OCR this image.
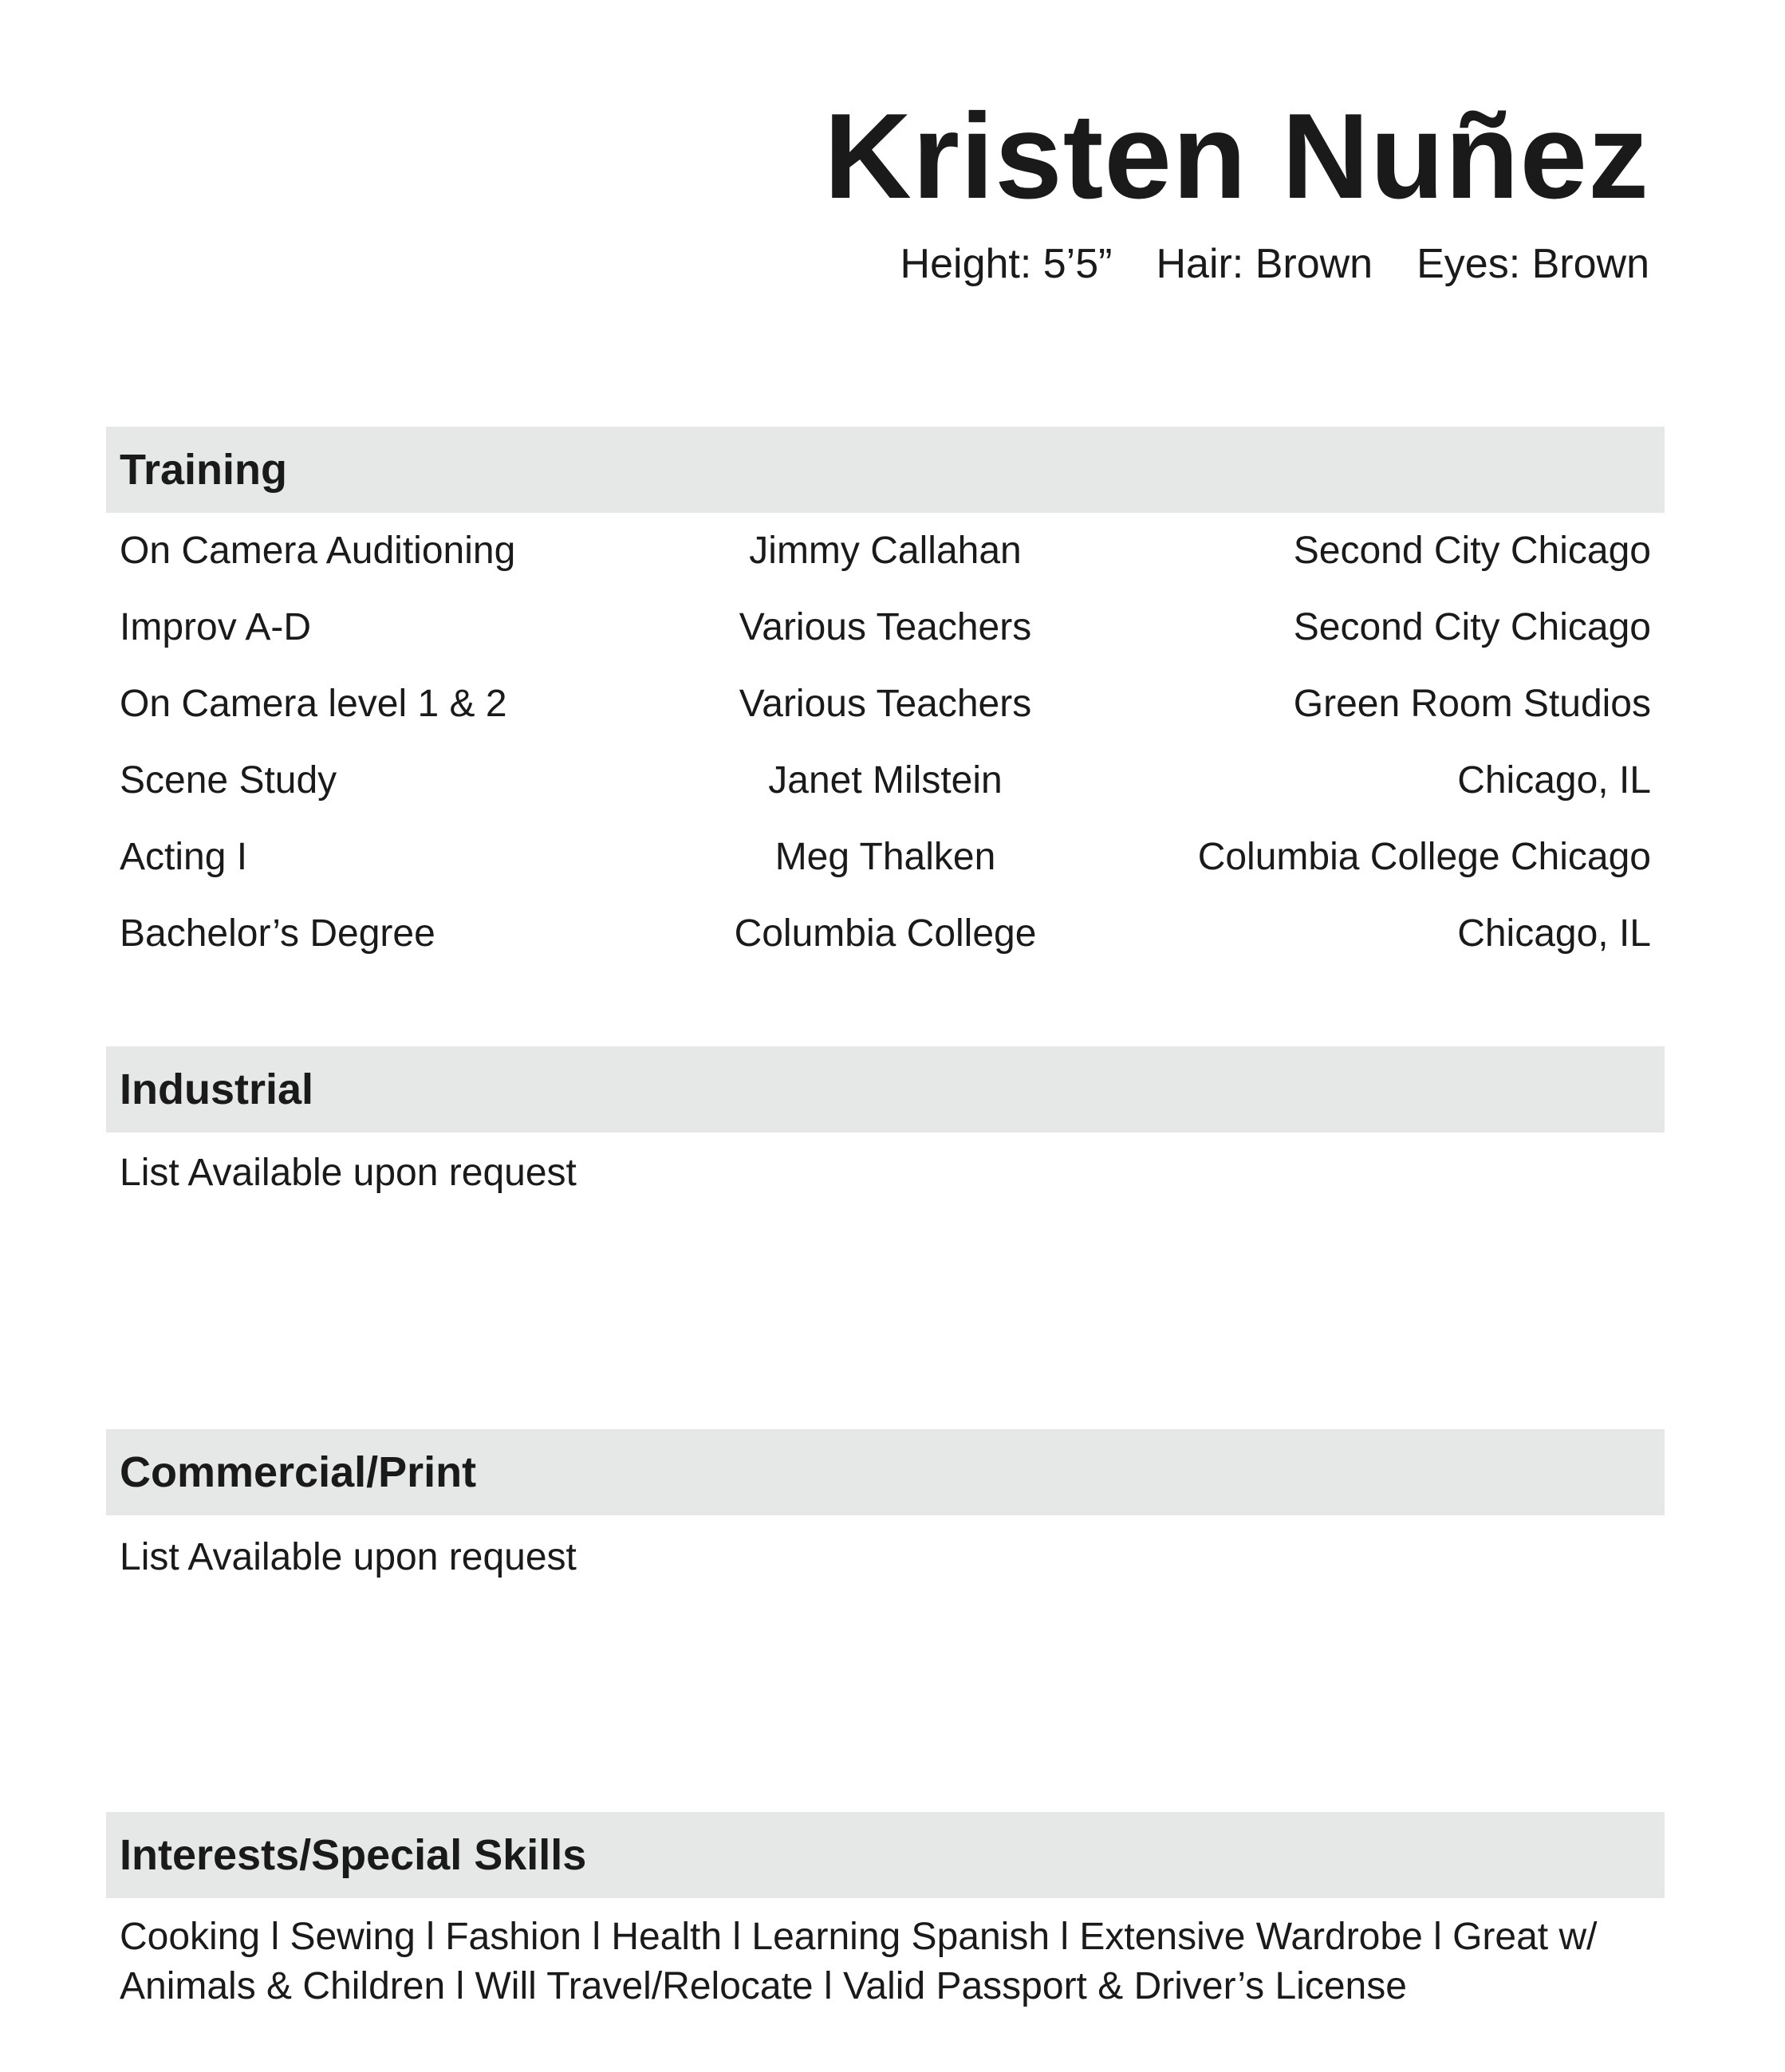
Kristen Nuñez
Height: 5’5” Hair: Brown Eyes: Brown
Training
On Camera Auditioning	Jimmy Callahan	Second City Chicago
Improv A-D	Various Teachers	Second City Chicago
On Camera level 1 & 2	Various Teachers	Green Room Studios
Scene Study	Janet Milstein	Chicago, IL
Acting I	Meg Thalken	Columbia College Chicago
Bachelor’s Degree	Columbia College	Chicago, IL
Industrial
List Available upon request
Commercial/Print
List Available upon request
Interests/Special Skills
Cooking l Sewing l Fashion l Health l Learning Spanish l Extensive Wardrobe l Great w/
Animals & Children l Will Travel/Relocate l Valid Passport & Driver’s License
